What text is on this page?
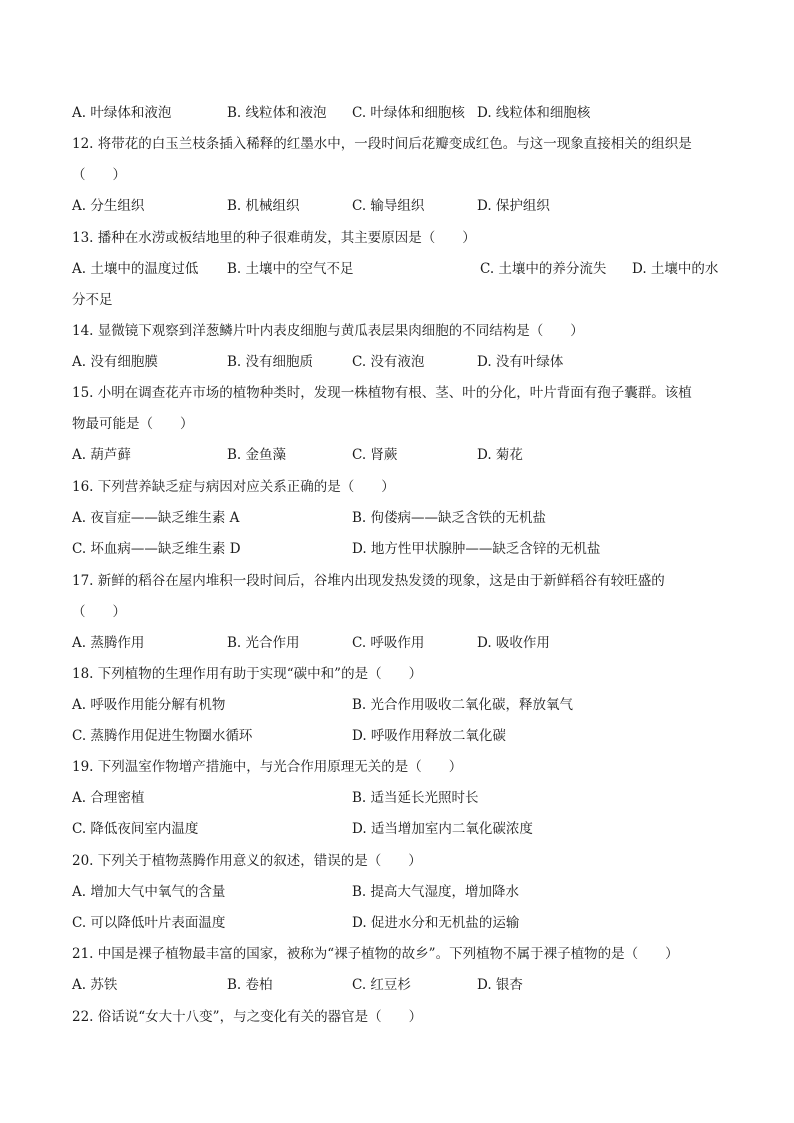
A. 叶绿体和液泡	B. 线粒体和液泡 C. 叶绿体和细胞核 D. 线粒体和细胞核
12. 将带花的白玉兰枝条插入稀释的红墨水中，一段时间后花瓣变成红色。与这一现象直接相关的组织是
（　　）
A. 分生组织	B. 机械组织	C. 输导组织	D. 保护组织
13. 播种在水涝或板结地里的种子很难萌发，其主要原因是（　　）
A. 土壤中的温度过低 B. 土壤中的空气不足	C. 土壤中的养分流失 D. 土壤中的水
分不足
14. 显微镜下观察到洋葱鳞片叶内表皮细胞与黄瓜表层果肉细胞的不同结构是（　　）
A. 没有细胞膜	B. 没有细胞质	C. 没有液泡	D. 没有叶绿体
15. 小明在调查花卉市场的植物种类时，发现一株植物有根、茎、叶的分化，叶片背面有孢子囊群。该植
物最可能是（　　）
A. 葫芦藓	B. 金鱼藻	C. 肾蕨	D. 菊花
16. 下列营养缺乏症与病因对应关系正确的是（　　）
A. 夜盲症——缺乏维生素 A	B. 佝偻病——缺乏含铁的无机盐
C. 坏血病——缺乏维生素 D	D. 地方性甲状腺肿——缺乏含锌的无机盐
17. 新鲜的稻谷在屋内堆积一段时间后，谷堆内出现发热发烫的现象，这是由于新鲜稻谷有较旺盛的
（　　）
A. 蒸腾作用	B. 光合作用	C. 呼吸作用	D. 吸收作用
18. 下列植物的生理作用有助于实现“碳中和”的是（　　）
A. 呼吸作用能分解有机物	B. 光合作用吸收二氧化碳，释放氧气
C. 蒸腾作用促进生物圈水循环	D. 呼吸作用释放二氧化碳
19. 下列温室作物增产措施中，与光合作用原理无关的是（　　）
A. 合理密植	B. 适当延长光照时长
C. 降低夜间室内温度	D. 适当增加室内二氧化碳浓度
20. 下列关于植物蒸腾作用意义的叙述，错误的是（　　）
A. 增加大气中氧气的含量	B. 提高大气湿度，增加降水
C. 可以降低叶片表面温度	D. 促进水分和无机盐的运输
21. 中国是裸子植物最丰富的国家，被称为“裸子植物的故乡”。下列植物不属于裸子植物的是（　　）
A. 苏铁	B. 卷柏	C. 红豆杉	D. 银杏
22. 俗话说“女大十八变”，与之变化有关的器官是（　　）
